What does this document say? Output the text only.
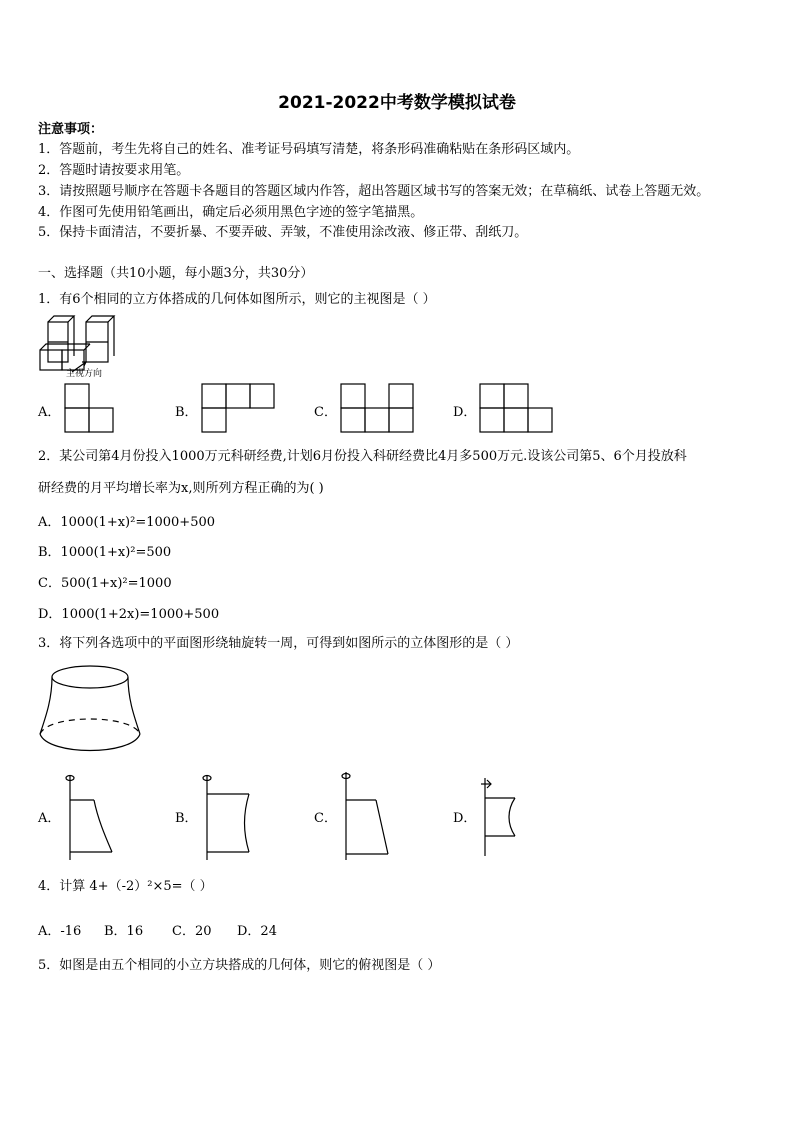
2021-2022中考数学模拟试卷
注意事项：
1．答题前，考生先将自己的姓名、准考证号码填写清楚，将条形码准确粘贴在条形码区域内。
2．答题时请按要求用笔。
3．请按照题号顺序在答题卡各题目的答题区域内作答，超出答题区域书写的答案无效；在草稿纸、试卷上答题无效。
4．作图可先使用铅笔画出，确定后必须用黑色字迹的签字笔描黑。
5．保持卡面清洁，不要折暴、不要弄破、弄皱，不准使用涂改液、修正带、刮纸刀。
一、选择题（共10小题，每小题3分，共30分）
1．有6个相同的立方体搭成的几何体如图所示，则它的主视图是（ ）
主视方向
A．	B．	C．	D．
2．某公司第4月份投入1000万元科研经费,计划6月份投入科研经费比4月多500万元.设该公司第5、6个月投放科
研经费的月平均增长率为x,则所列方程正确的为( )
A．1000(1+x)²=1000+500
B．1000(1+x)²=500
C．500(1+x)²=1000
D．1000(1+2x)=1000+500
3．将下列各选项中的平面图形绕轴旋转一周，可得到如图所示的立体图形的是（ ）
A．	B．	C．	D．
4．计算 4+（-2）²×5=（ ）
A．-16 B．16 C．20 D．24
5．如图是由五个相同的小立方块搭成的几何体，则它的俯视图是（ ）
